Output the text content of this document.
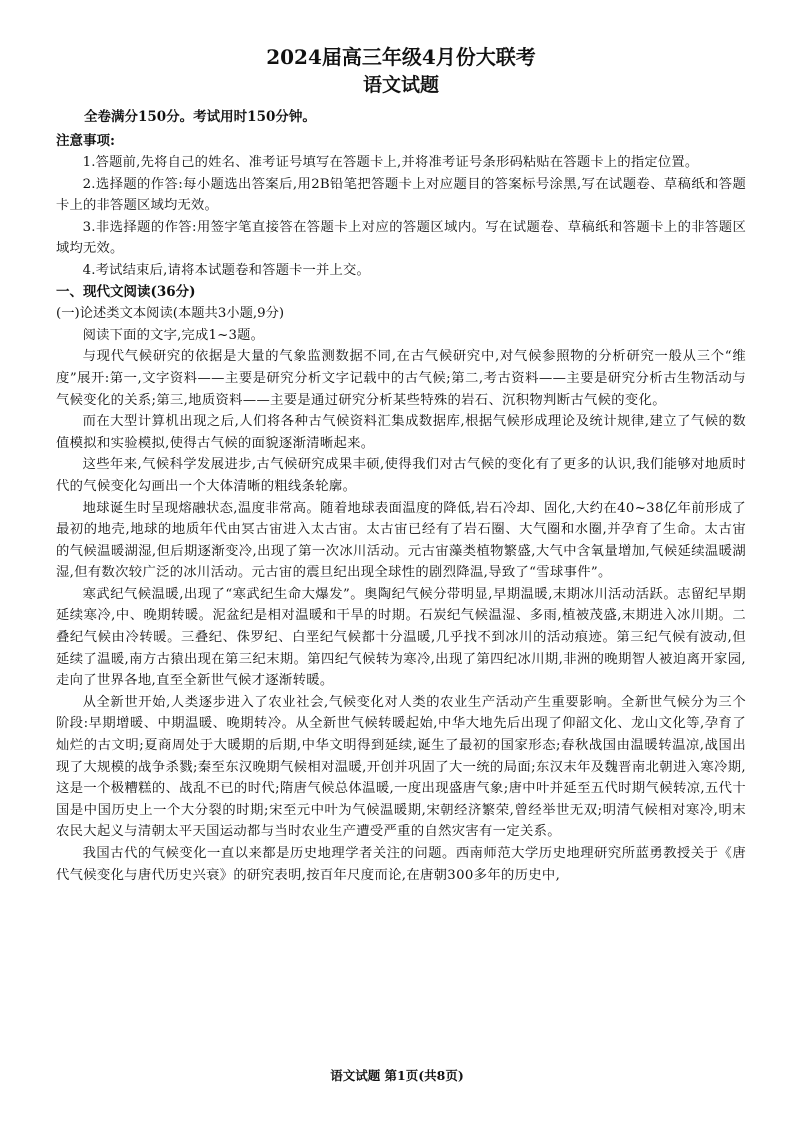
2024届高三年级4月份大联考
语文试题
全卷满分150分。考试用时150分钟。
注意事项:

1.答题前,先将自己的姓名、准考证号填写在答题卡上,并将准考证号条形码粘贴在答题卡上的指定位置。

2.选择题的作答:每小题选出答案后,用2B铅笔把答题卡上对应题目的答案标号涂黑,写在试题卷、草稿纸和答题卡上的非答题区域均无效。

3.非选择题的作答:用签字笔直接答在答题卡上对应的答题区域内。写在试题卷、草稿纸和答题卡上的非答题区域均无效。

4.考试结束后,请将本试题卷和答题卡一并上交。

一、现代文阅读(36分)

(一)论述类文本阅读(本题共3小题,9分)

阅读下面的文字,完成1~3题。

与现代气候研究的依据是大量的气象监测数据不同,在古气候研究中,对气候参照物的分析研究一般从三个“维度”展开:第一,文字资料——主要是研究分析文字记载中的古气候;第二,考古资料——主要是研究分析古生物活动与气候变化的关系;第三,地质资料——主要是通过研究分析某些特殊的岩石、沉积物判断古气候的变化。

而在大型计算机出现之后,人们将各种古气候资料汇集成数据库,根据气候形成理论及统计规律,建立了气候的数值模拟和实验模拟,使得古气候的面貌逐渐清晰起来。

这些年来,气候科学发展进步,古气候研究成果丰硕,使得我们对古气候的变化有了更多的认识,我们能够对地质时代的气候变化勾画出一个大体清晰的粗线条轮廓。

地球诞生时呈现熔融状态,温度非常高。随着地球表面温度的降低,岩石冷却、固化,大约在40~38亿年前形成了最初的地壳,地球的地质年代由冥古宙进入太古宙。太古宙已经有了岩石圈、大气圈和水圈,并孕育了生命。太古宙的气候温暖湖湿,但后期逐渐变冷,出现了第一次冰川活动。元古宙藻类植物繁盛,大气中含氧量增加,气候延续温暖湖湿,但有数次较广泛的冰川活动。元古宙的震旦纪出现全球性的剧烈降温,导致了“雪球事件”。

寒武纪气候温暖,出现了“寒武纪生命大爆发”。奥陶纪气候分带明显,早期温暖,末期冰川活动活跃。志留纪早期延续寒冷,中、晚期转暖。泥盆纪是相对温暖和干旱的时期。石炭纪气候温湿、多雨,植被茂盛,末期进入冰川期。二叠纪气候由冷转暖。三叠纪、侏罗纪、白垩纪气候都十分温暖,几乎找不到冰川的活动痕迹。第三纪气候有波动,但延续了温暖,南方古猿出现在第三纪末期。第四纪气候转为寒冷,出现了第四纪冰川期,非洲的晚期智人被迫离开家园,走向了世界各地,直至全新世气候才逐渐转暖。

从全新世开始,人类逐步进入了农业社会,气候变化对人类的农业生产活动产生重要影响。全新世气候分为三个阶段:早期增暖、中期温暖、晚期转冷。从全新世气候转暖起始,中华大地先后出现了仰韶文化、龙山文化等,孕育了灿烂的古文明;夏商周处于大暖期的后期,中华文明得到延续,诞生了最初的国家形态;春秋战国由温暖转温凉,战国出现了大规模的战争杀戮;秦至东汉晚期气候相对温暖,开创并巩固了大一统的局面;东汉末年及魏晋南北朝进入寒冷期,这是一个极糟糕的、战乱不已的时代;隋唐气候总体温暖,一度出现盛唐气象;唐中叶并延至五代时期气候转凉,五代十国是中国历史上一个大分裂的时期;宋至元中叶为气候温暖期,宋朝经济繁荣,曾经举世无双;明清气候相对寒冷,明末农民大起义与清朝太平天国运动都与当时农业生产遭受严重的自然灾害有一定关系。

我国古代的气候变化一直以来都是历史地理学者关注的问题。西南师范大学历史地理研究所蓝勇教授关于《唐代气候变化与唐代历史兴衰》的研究表明,按百年尺度而论,在唐朝300多年的历史中,

语文试题 第1页(共8页)
